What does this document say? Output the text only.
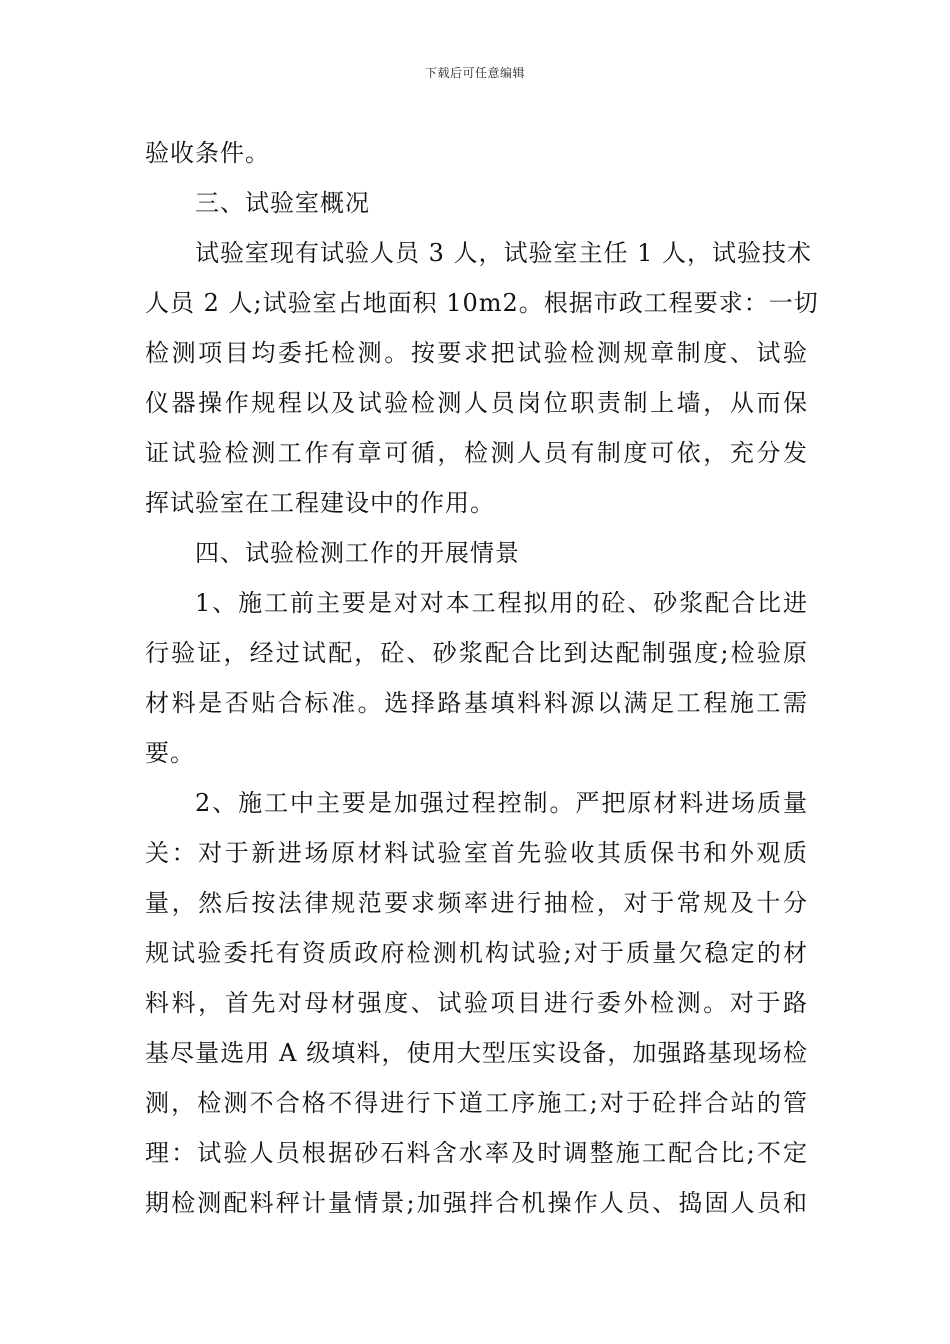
下载后可任意编辑
验收条件。
三、试验室概况
试验室现有试验人员 3 人，试验室主任 1 人，试验技术
人员 2 人;试验室占地面积 10m2。根据市政工程要求：一切
检测项目均委托检测。按要求把试验检测规章制度、试验
仪器操作规程以及试验检测人员岗位职责制上墙，从而保
证试验检测工作有章可循，检测人员有制度可依，充分发
挥试验室在工程建设中的作用。
四、试验检测工作的开展情景
1、施工前主要是对对本工程拟用的砼、砂浆配合比进
行验证，经过试配，砼、砂浆配合比到达配制强度;检验原
材料是否贴合标准。选择路基填料料源以满足工程施工需
要。
2、施工中主要是加强过程控制。严把原材料进场质量
关：对于新进场原材料试验室首先验收其质保书和外观质
量，然后按法律规范要求频率进行抽检，对于常规及十分
规试验委托有资质政府检测机构试验;对于质量欠稳定的材
料料，首先对母材强度、试验项目进行委外检测。对于路
基尽量选用 A 级填料，使用大型压实设备，加强路基现场检
测，检测不合格不得进行下道工序施工;对于砼拌合站的管
理：试验人员根据砂石料含水率及时调整施工配合比;不定
期检测配料秤计量情景;加强拌合机操作人员、捣固人员和
